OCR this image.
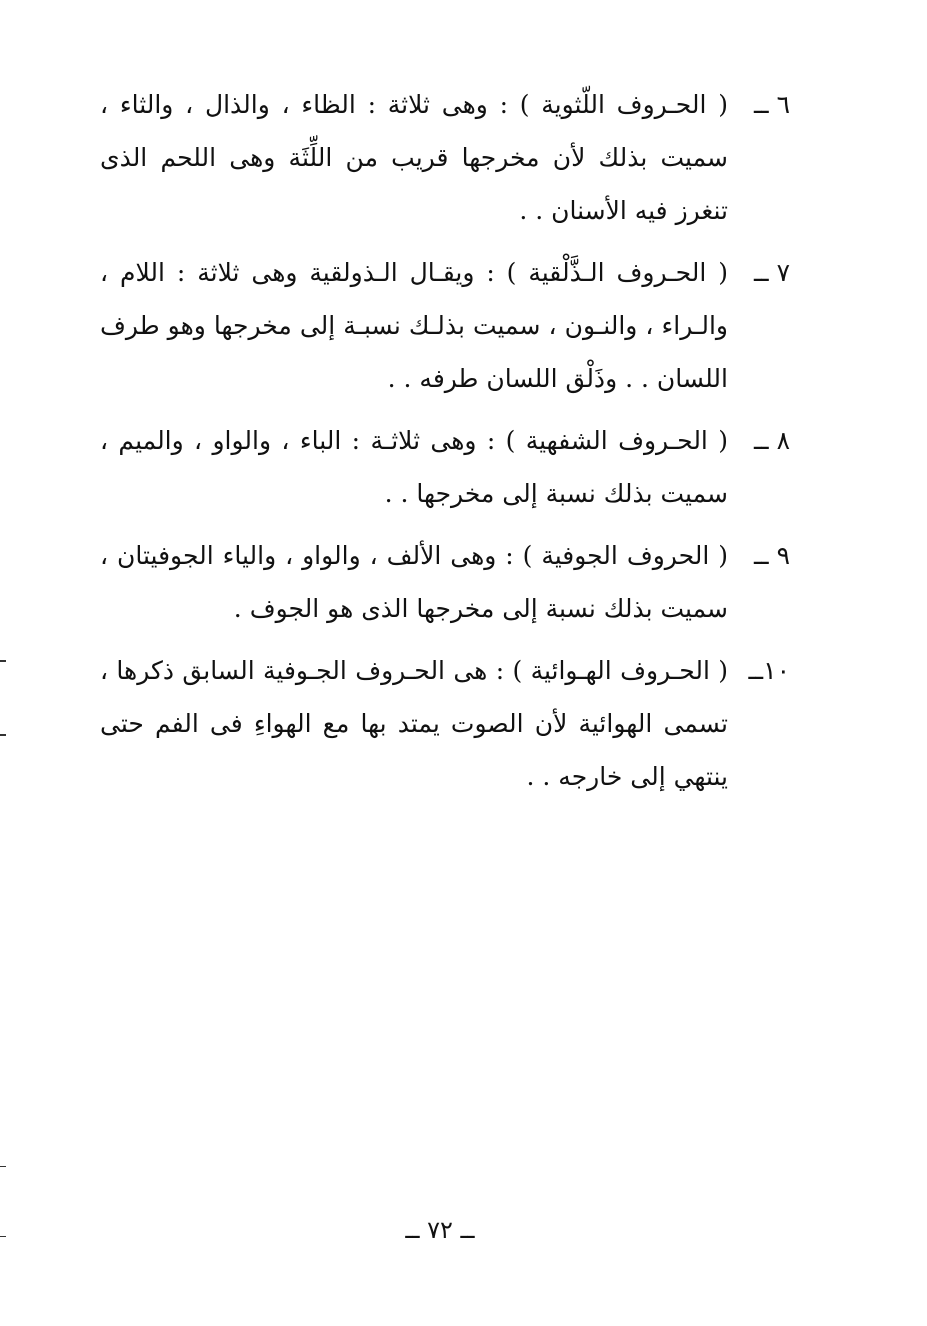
٦ ــ
( الحـروف اللّثوية ) : وهى ثلاثة : الظاء ، والذال ، والثاء ، سميت بذلك لأن مخرجها قريب من اللِّثَة وهى اللحم الذى تنغرز فيه الأسنان . .
٧ ــ
( الحـروف الـذَّلْقية ) : ويقـال الـذولقية وهى ثلاثة : اللام ، والـراء ، والنـون ، سميت بذلـك نسبـة إلى مخرجها وهو طرف اللسان . . وذَلْق اللسان طرفه . .
٨ ــ
( الحـروف الشفهية ) : وهى ثلاثـة : الباء ، والواو ، والميم ، سميت بذلك نسبة إلى مخرجها . .
٩ ــ
( الحروف الجوفية ) : وهى الألف ، والواو ، والياء الجوفيتان ، سميت بذلك نسبة إلى مخرجها الذى هو الجوف .
١٠ــ
( الحـروف الهـوائية ) : هى الحـروف الجـوفية السابق ذكرها ، تسمى الهوائية لأن الصوت يمتد بها مع الهواءِ فى الفم حتى ينتهي إلى خارجه . .
ــ ٧٢ ــ
